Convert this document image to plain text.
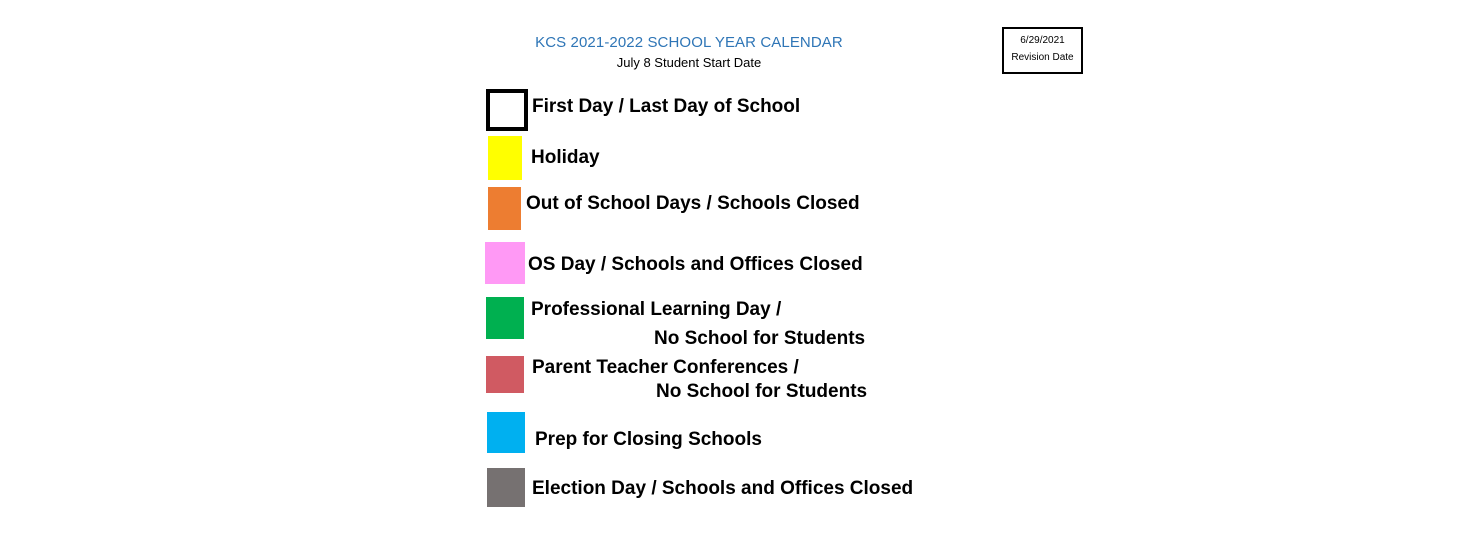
KCS 2021-2022 SCHOOL YEAR CALENDAR
July 8 Student Start Date
6/29/2021
Revision Date
First Day / Last Day of School
Holiday
Out of School Days / Schools Closed
OS Day / Schools and Offices Closed
Professional Learning Day /
No School for Students
Parent Teacher Conferences /
No School for Students
Prep for Closing Schools
Election Day / Schools and Offices Closed
